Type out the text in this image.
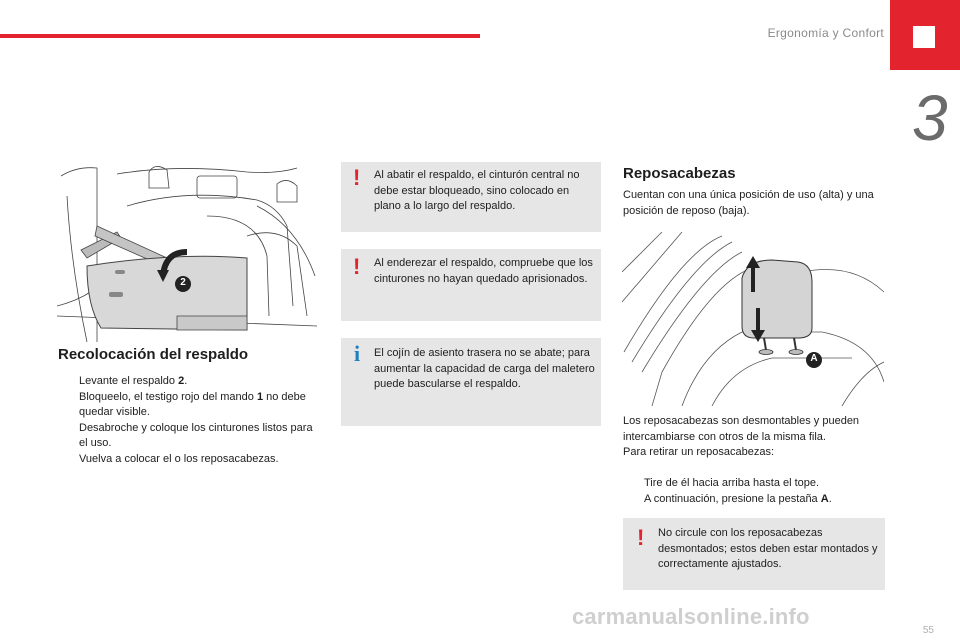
Ergonomía y Confort
3
2
Recolocación del respaldo
Levante el respaldo 2.
Bloqueelo, el testigo rojo del mando 1 no debe quedar visible.
Desabroche y coloque los cinturones listos para el uso.
Vuelva a colocar el o los reposacabezas.
! Al abatir el respaldo, el cinturón central no debe estar bloqueado, sino colocado en plano a lo largo del respaldo.
! Al enderezar el respaldo, compruebe que los cinturones no hayan quedado aprisionados.
i El cojín de asiento trasera no se abate; para aumentar la capacidad de carga del maletero puede bascularse el respaldo.
Reposacabezas
Cuentan con una única posición de uso (alta) y una posición de reposo (baja).
A
Los reposacabezas son desmontables y pueden intercambiarse con otros de la misma fila.
Para retirar un reposacabezas:
Tire de él hacia arriba hasta el tope.
A continuación, presione la pestaña A.
! No circule con los reposacabezas desmontados; estos deben estar montados y correctamente ajustados.
55
carmanualsonline.info
